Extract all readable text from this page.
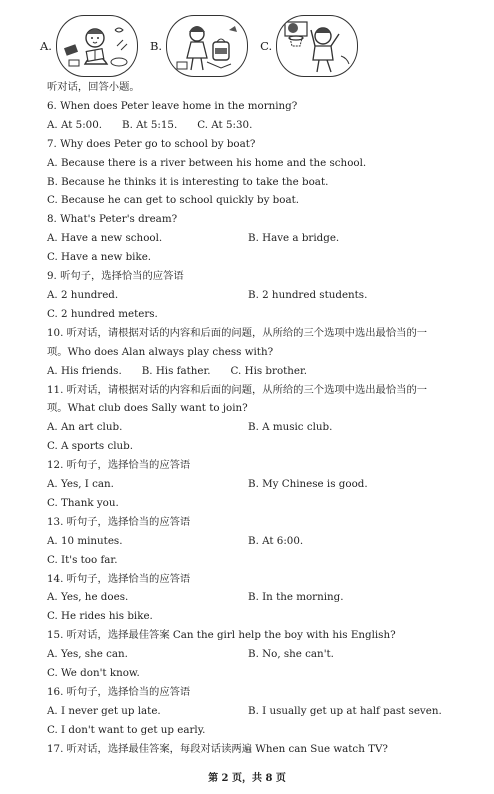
A.	B.	C.
听对话，回答小题。
6. When does Peter leave home in the morning?
A. At 5:00. B. At 5:15. C. At 5:30.
7. Why does Peter go to school by boat?
A. Because there is a river between his home and the school.
B. Because he thinks it is interesting to take the boat.
C. Because he can get to school quickly by boat.
8. What's Peter's dream?
A. Have a new school.	B. Have a bridge.
C. Have a new bike.
9. 听句子，选择恰当的应答语
A. 2 hundred.	B. 2 hundred students.
C. 2 hundred meters.
10. 听对话，请根据对话的内容和后面的问题，从所给的三个选项中选出最恰当的一
项。Who does Alan always play chess with?
A. His friends. B. His father. C. His brother.
11. 听对话，请根据对话的内容和后面的问题，从所给的三个选项中选出最恰当的一
项。What club does Sally want to join?
A. An art club.	B. A music club.
C. A sports club.
12. 听句子，选择恰当的应答语
A. Yes, I can.	B. My Chinese is good.
C. Thank you.
13. 听句子，选择恰当的应答语
A. 10 minutes.	B. At 6:00.
C. It's too far.
14. 听句子，选择恰当的应答语
A. Yes, he does.	B. In the morning.
C. He rides his bike.
15. 听对话，选择最佳答案 Can the girl help the boy with his English?
A. Yes, she can.	B. No, she can't.
C. We don't know.
16. 听句子，选择恰当的应答语
A. I never get up late.	B. I usually get up at half past seven.
C. I don't want to get up early.
17. 听对话，选择最佳答案，每段对话读两遍 When can Sue watch TV?
第 2 页，共 8 页
